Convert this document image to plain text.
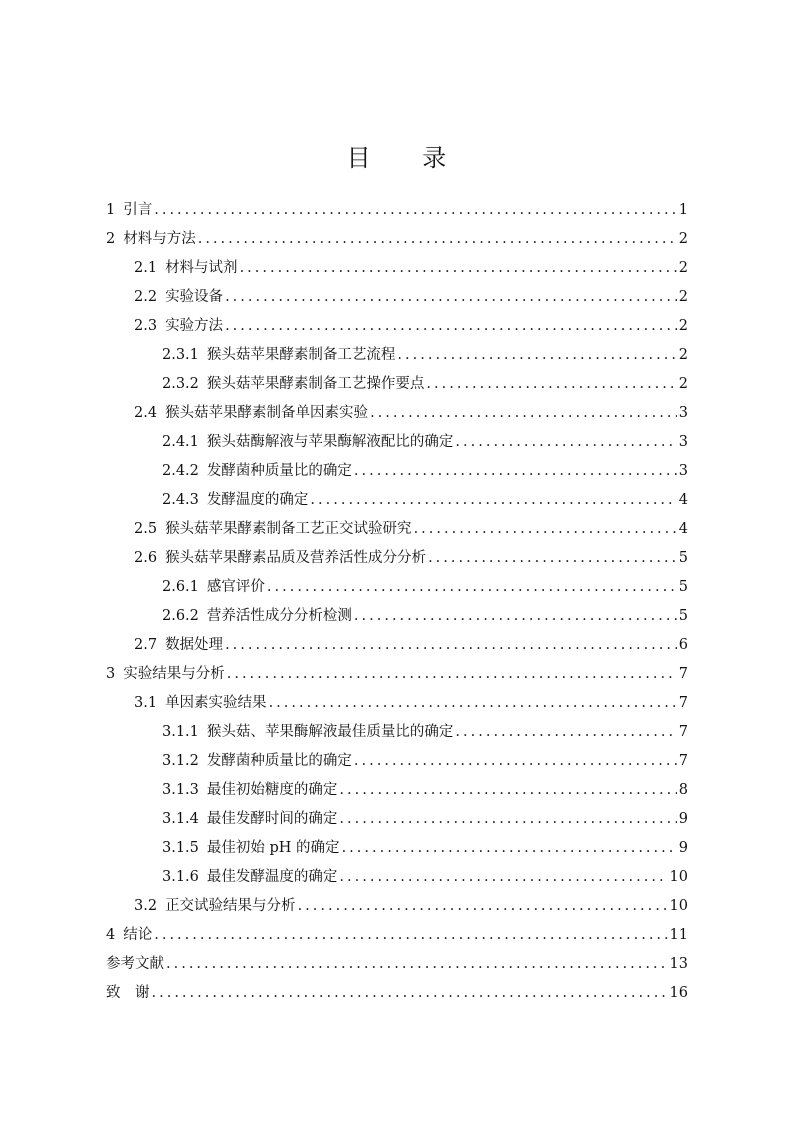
目 录
1 引言 .....	1
2 材料与方法 .....	2
2.1 材料与试剂 .....	2
2.2 实验设备 .....	2
2.3 实验方法 .....	2
2.3.1 猴头菇苹果酵素制备工艺流程 .....	2
2.3.2 猴头菇苹果酵素制备工艺操作要点 .....	2
2.4 猴头菇苹果酵素制备单因素实验 .....	3
2.4.1 猴头菇酶解液与苹果酶解液配比的确定 .....	3
2.4.2 发酵菌种质量比的确定 .....	3
2.4.3 发酵温度的确定 .....	4
2.5 猴头菇苹果酵素制备工艺正交试验研究 .....	4
2.6 猴头菇苹果酵素品质及营养活性成分分析 .....	5
2.6.1 感官评价 .....	5
2.6.2 营养活性成分分析检测 .....	5
2.7 数据处理 .....	6
3 实验结果与分析 .....	7
3.1 单因素实验结果 .....	7
3.1.1 猴头菇、苹果酶解液最佳质量比的确定 .....	7
3.1.2 发酵菌种质量比的确定 .....	7
3.1.3 最佳初始糖度的确定 .....	8
3.1.4 最佳发酵时间的确定 .....	9
3.1.5 最佳初始 pH 的确定 .....	9
3.1.6 最佳发酵温度的确定 .....	10
3.2 正交试验结果与分析 .....	10
4 结论 .....	11
参考文献 .....	13
致　谢 .....	16
